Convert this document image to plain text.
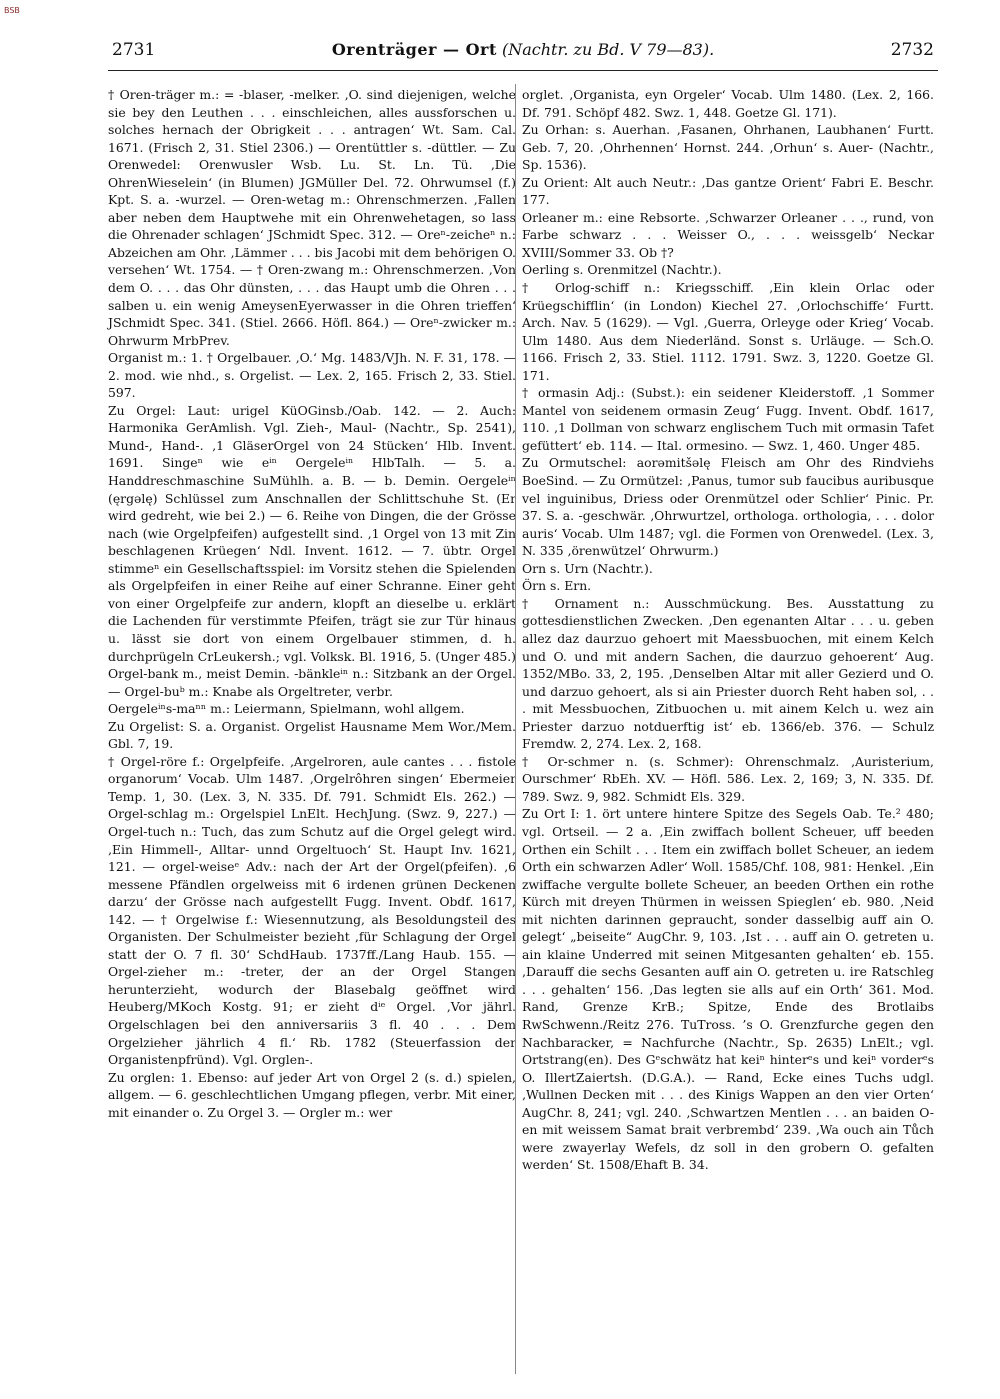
BSB
2731	Orenträger — Ort (Nachtr. zu Bd. V 79—83).	2732

† Oren-träger m.: = -blaser, -melker. ‚O. sind diejenigen, welche sie bey den Leuthen . . . einschleichen, alles aussforschen u. solches hernach der Obrigkeit . . . antragen‘ Wt. Sam. Cal. 1671. (Frisch 2, 31. Stiel 2306.) — Orentüttler s. -düttler. — Zu Orenwedel: Orenwusler Wsb. Lu. St. Ln. Tü. ‚Die OhrenWieselein‘ (in Blumen) JGMüller Del. 72. Ohrwumsel (f.) Kpt. S. a. -wurzel. — Oren-wetag m.: Ohrenschmerzen. ‚Fallen aber neben dem Hauptwehe mit ein Ohrenwehetagen, so lass die Ohrenader schlagen‘ JSchmidt Spec. 312. — Oreⁿ-zeicheⁿ n.: Abzeichen am Ohr. ‚Lämmer . . . bis Jacobi mit dem behörigen O. versehen‘ Wt. 1754. — † Oren-zwang m.: Ohrenschmerzen. ‚Von dem O. . . . das Ohr dünsten, . . . das Haupt umb die Ohren . . . salben u. ein wenig AmeysenEyerwasser in die Ohren trieffen‘ JSchmidt Spec. 341. (Stiel. 2666. Höfl. 864.) — Oreⁿ-zwicker m.: Ohrwurm MrbPrev.

Organist m.: 1. † Orgelbauer. ‚O.‘ Mg. 1483/VJh. N. F. 31, 178. — 2. mod. wie nhd., s. Orgelist. — Lex. 2, 165. Frisch 2, 33. Stiel. 597.

Zu Orgel: Laut: urigel KüOGinsb./Oab. 142. — 2. Auch: Harmonika GerAmlish. Vgl. Zieh-, Maul- (Nachtr., Sp. 2541), Mund-, Hand-. ‚1 GläserOrgel von 24 Stücken‘ Hlb. Invent. 1691. Singeⁿ wie eⁱⁿ Oergeleⁱⁿ HlbTalh. — 5. a. Handdreschmaschine SuMühlh. a. B. — b. Demin. Oergeleⁱⁿ (ęrgəlę) Schlüssel zum Anschnallen der Schlittschuhe St. (Er wird gedreht, wie bei 2.) — 6. Reihe von Dingen, die der Grösse nach (wie Orgelpfeifen) aufgestellt sind. ‚1 Orgel von 13 mit Zin beschlagenen Krüegen‘ Ndl. Invent. 1612. — 7. übtr. Orgel stimmeⁿ ein Gesellschaftsspiel: im Vorsitz stehen die Spielenden als Orgelpfeifen in einer Reihe auf einer Schranne. Einer geht von einer Orgelpfeife zur andern, klopft an dieselbe u. erklärt die Lachenden für verstimmte Pfeifen, trägt sie zur Tür hinaus u. lässt sie dort von einem Orgelbauer stimmen, d. h. durchprügeln CrLeukersh.; vgl. Volksk. Bl. 1916, 5. (Unger 485.)

Orgel-bank m., meist Demin. -bänkleⁱⁿ n.: Sitzbank an der Orgel. — Orgel-buᵇ m.: Knabe als Orgeltreter, verbr.

Oergeleⁱⁿs-maⁿⁿ m.: Leiermann, Spielmann, wohl allgem.

Zu Orgelist: S. a. Organist. Orgelist Hausname Mem Wor./Mem. Gbl. 7, 19.

† Orgel-röre f.: Orgelpfeife. ‚Argelroren, aule cantes . . . fistole organorum‘ Vocab. Ulm 1487. ‚Orgelrôhren singen‘ Ebermeier Temp. 1, 30. (Lex. 3, N. 335. Df. 791. Schmidt Els. 262.) — Orgel-schlag m.: Orgelspiel LnElt. HechJung. (Swz. 9, 227.) — Orgel-tuch n.: Tuch, das zum Schutz auf die Orgel gelegt wird. ‚Ein Himmell-, Alltar- unnd Orgeltuoch‘ St. Haupt Inv. 1621, 121. — orgel-weiseᵉ Adv.: nach der Art der Orgel(pfeifen). ‚6 messene Pfändlen orgelweiss mit 6 irdenen grünen Deckenen darzu‘ der Grösse nach aufgestellt Fugg. Invent. Obdf. 1617, 142. — † Orgelwise f.: Wiesennutzung, als Besoldungsteil des Organisten. Der Schulmeister bezieht ‚für Schlagung der Orgel statt der O. 7 fl. 30‘ SchdHaub. 1737ff./Lang Haub. 155. — Orgel-zieher m.: -treter, der an der Orgel Stangen herunterzieht, wodurch der Blasebalg geöffnet wird Heuberg/MKoch Kostg. 91; er zieht dⁱᵉ Orgel. ‚Vor jährl. Orgelschlagen bei den anniversariis 3 fl. 40 . . . Dem Orgelzieher jährlich 4 fl.‘ Rb. 1782 (Steuerfassion der Organistenpfründ). Vgl. Orglen-.

Zu orglen: 1. Ebenso: auf jeder Art von Orgel 2 (s. d.) spielen, allgem. — 6. geschlechtlichen Umgang pflegen, verbr. Mit einer, mit einander o. Zu Orgel 3. — Orgler m.: wer

orglet. ‚Organista, eyn Orgeler‘ Vocab. Ulm 1480. (Lex. 2, 166. Df. 791. Schöpf 482. Swz. 1, 448. Goetze Gl. 171).

Zu Orhan: s. Auerhan. ‚Fasanen, Ohrhanen, Laubhanen‘ Furtt. Geb. 7, 20. ‚Ohrhennen‘ Hornst. 244. ‚Orhun‘ s. Auer- (Nachtr., Sp. 1536).

Zu Orient: Alt auch Neutr.: ‚Das gantze Orient‘ Fabri E. Beschr. 177.

Orleaner m.: eine Rebsorte. ‚Schwarzer Orleaner . . ., rund, von Farbe schwarz . . . Weisser O., . . . weissgelb‘ Neckar XVIII/Sommer 33. Ob †?

Oerling s. Orenmitzel (Nachtr.).

† Orlog-schiff n.: Kriegsschiff. ‚Ein klein Orlac oder Krüegschifflin‘ (in London) Kiechel 27. ‚Orlochschiffe‘ Furtt. Arch. Nav. 5 (1629). — Vgl. ‚Guerra, Orleyge oder Krieg‘ Vocab. Ulm 1480. Aus dem Niederländ. Sonst s. Urläuge. — Sch.O. 1166. Frisch 2, 33. Stiel. 1112. 1791. Swz. 3, 1220. Goetze Gl. 171.

† ormasin Adj.: (Subst.): ein seidener Kleiderstoff. ‚1 Sommer Mantel von seidenem ormasin Zeug‘ Fugg. Invent. Obdf. 1617, 110. ‚1 Dollman von schwarz englischem Tuch mit ormasin Tafet gefüttert‘ eb. 114. — Ital. ormesino. — Swz. 1, 460. Unger 485.

Zu Ormutschel: aorəmitšəlę Fleisch am Ohr des Rindviehs BoeSind. — Zu Ormützel: ‚Panus, tumor sub faucibus auribusque vel inguinibus, Driess oder Orenmützel oder Schlier‘ Pinic. Pr. 37. S. a. -geschwär. ‚Ohrwurtzel, orthologa. orthologia, . . . dolor auris‘ Vocab. Ulm 1487; vgl. die Formen von Orenwedel. (Lex. 3, N. 335 ‚örenwützel‘ Ohrwurm.)

Orn s. Urn (Nachtr.).

Örn s. Ern.

† Ornament n.: Ausschmückung. Bes. Ausstattung zu gottesdienstlichen Zwecken. ‚Den egenanten Altar . . . u. geben allez daz daurzuo gehoert mit Maessbuochen, mit einem Kelch und O. und mit andern Sachen, die daurzuo gehoerent‘ Aug. 1352/MBo. 33, 2, 195. ‚Denselben Altar mit aller Gezierd und O. und darzuo gehoert, als si ain Priester duorch Reht haben sol, . . . mit Messbuochen, Zitbuochen u. mit ainem Kelch u. wez ain Priester darzuo notduerftig ist‘ eb. 1366/eb. 376. — Schulz Fremdw. 2, 274. Lex. 2, 168.

† Or-schmer n. (s. Schmer): Ohrenschmalz. ‚Auristerium, Ourschmer‘ RbEh. XV. — Höfl. 586. Lex. 2, 169; 3, N. 335. Df. 789. Swz. 9, 982. Schmidt Els. 329.

Zu Ort I: 1. ört untere hintere Spitze des Segels Oab. Te.² 480; vgl. Ortseil. — 2 a. ‚Ein zwiffach bollent Scheuer, uff beeden Orthen ein Schilt . . . Item ein zwiffach bollet Scheuer, an iedem Orth ein schwarzen Adler‘ Woll. 1585/Chf. 108, 981: Henkel. ‚Ein zwiffache vergulte bollete Scheuer, an beeden Orthen ein rothe Kürch mit dreyen Thürmen in weissen Spieglen‘ eb. 980. ‚Neid mit nichten darinnen gepraucht, sonder dasselbig auff ain O. gelegt‘ „beiseite“ AugChr. 9, 103. ‚Ist . . . auff ain O. getreten u. ain klaine Underred mit seinen Mitgesanten gehalten‘ eb. 155. ‚Darauff die sechs Gesanten auff ain O. getreten u. ire Ratschleg . . . gehalten‘ 156. ‚Das legten sie alls auf ein Orth‘ 361. Mod. Rand, Grenze KrB.; Spitze, Ende des Brotlaibs RwSchwenn./Reitz 276. TuTross. ’s O. Grenzfurche gegen den Nachbaracker, = Nachfurche (Nachtr., Sp. 2635) LnElt.; vgl. Ortstrang(en). Des Gᵉschwätz hat keiⁿ hinterᵉs und keiⁿ vorderᵉs O. IllertZaiertsh. (D.G.A.). — Rand, Ecke eines Tuchs udgl. ‚Wullnen Decken mit . . . des Kinigs Wappen an den vier Orten‘ AugChr. 8, 241; vgl. 240. ‚Schwartzen Mentlen . . . an baiden O-en mit weissem Samat brait verbrembd‘ 239. ‚Wa ouch ain Tůch were zwayerlay Wefels, dz soll in den grobern O. gefalten werden‘ St. 1508/Ehaft B. 34.
